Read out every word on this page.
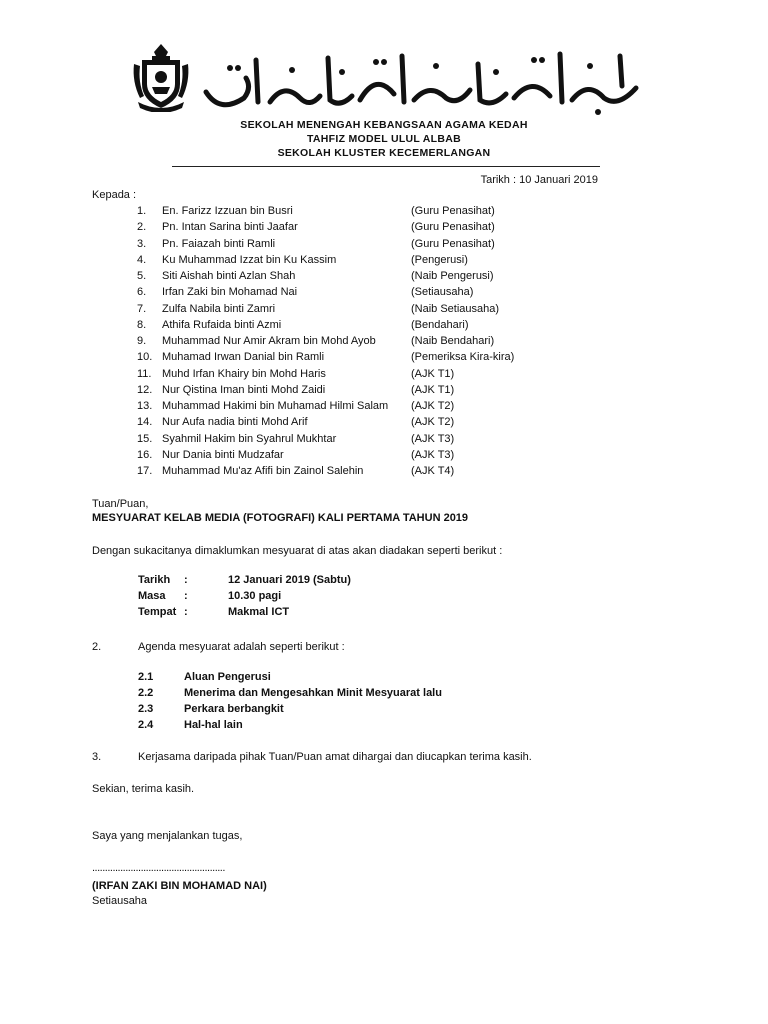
SEKOLAH MENENGAH KEBANGSAAN AGAMA KEDAH
TAHFIZ MODEL ULUL ALBAB
SEKOLAH KLUSTER KECEMERLANGAN
Tarikh : 10 Januari 2019
Kepada :
1. En. Farizz Izzuan bin Busri	(Guru Penasihat)
2. Pn. Intan Sarina binti Jaafar	(Guru Penasihat)
3. Pn. Faiazah binti Ramli	(Guru Penasihat)
4. Ku Muhammad Izzat bin Ku Kassim	(Pengerusi)
5. Siti Aishah binti Azlan Shah	(Naib Pengerusi)
6. Irfan Zaki bin Mohamad Nai	(Setiausaha)
7. Zulfa Nabila binti Zamri	(Naib Setiausaha)
8. Athifa Rufaida binti Azmi	(Bendahari)
9. Muhammad Nur Amir Akram bin Mohd Ayob	(Naib Bendahari)
10. Muhamad Irwan Danial bin Ramli	(Pemeriksa Kira-kira)
11. Muhd Irfan Khairy bin Mohd Haris	(AJK T1)
12. Nur Qistina Iman binti Mohd Zaidi	(AJK T1)
13. Muhammad Hakimi bin Muhamad Hilmi Salam (AJK T2)
14. Nur Aufa nadia binti Mohd Arif	(AJK T2)
15. Syahmil Hakim bin Syahrul Mukhtar	(AJK T3)
16. Nur Dania binti Mudzafar	(AJK T3)
17. Muhammad Mu'az Afifi bin Zainol Salehin	(AJK T4)
Tuan/Puan,
MESYUARAT KELAB MEDIA (FOTOGRAFI) KALI PERTAMA TAHUN 2019
Dengan sukacitanya dimaklumkan mesyuarat di atas akan diadakan seperti berikut :
Tarikh :	12 Januari 2019 (Sabtu)
Masa :	10.30 pagi
Tempat :	Makmal ICT
2.	Agenda mesyuarat adalah seperti berikut :
2.1	Aluan Pengerusi
2.2	Menerima dan Mengesahkan Minit Mesyuarat lalu
2.3	Perkara berbangkit
2.4	Hal-hal lain
3.	Kerjasama daripada pihak Tuan/Puan amat dihargai dan diucapkan terima kasih.
Sekian, terima kasih.
Saya yang menjalankan tugas,
....................................................
(IRFAN ZAKI BIN MOHAMAD NAI)
Setiausaha
